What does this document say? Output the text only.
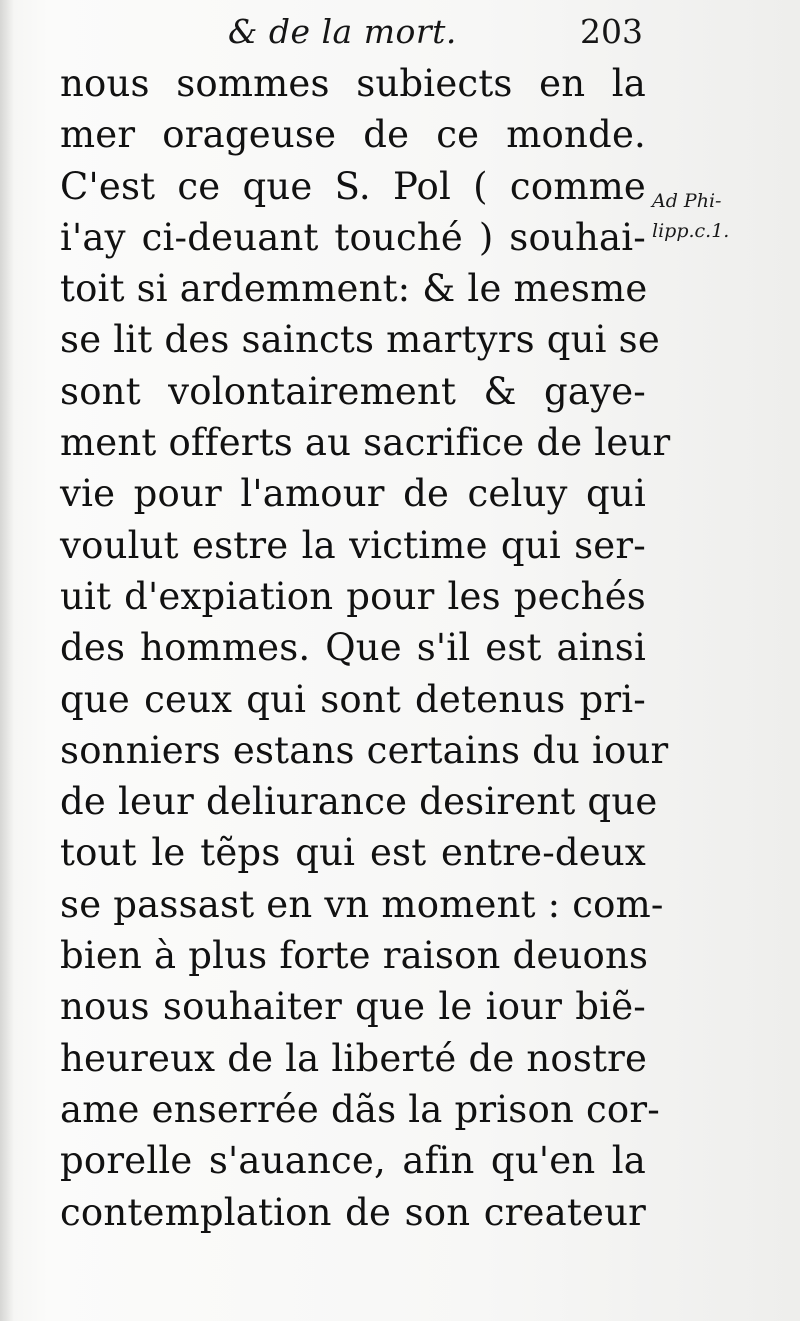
& de la mort.	203
nous sommes subiects en la
mer orageuse de ce monde.
C'est ce que S. Pol ( comme
i'ay ci-deuant touché ) souhai-
toit si ardemment: & le mesme
se lit des saincts martyrs qui se
sont volontairement & gaye-
ment offerts au sacrifice de leur
vie pour l'amour de celuy qui
voulut estre la victime qui ser-
uit d'expiation pour les pechés
des hommes. Que s'il est ainsi
que ceux qui sont detenus pri-
sonniers estans certains du iour
de leur deliurance desirent que
tout le tẽps qui est entre-deux
se passast en vn moment : com-
bien à plus forte raison deuons
nous souhaiter que le iour biẽ-
heureux de la liberté de nostre
ame enserrée dãs la prison cor-
porelle s'auance, afin qu'en la
contemplation de son createur
Ad Phi-
lipp.c.1.
